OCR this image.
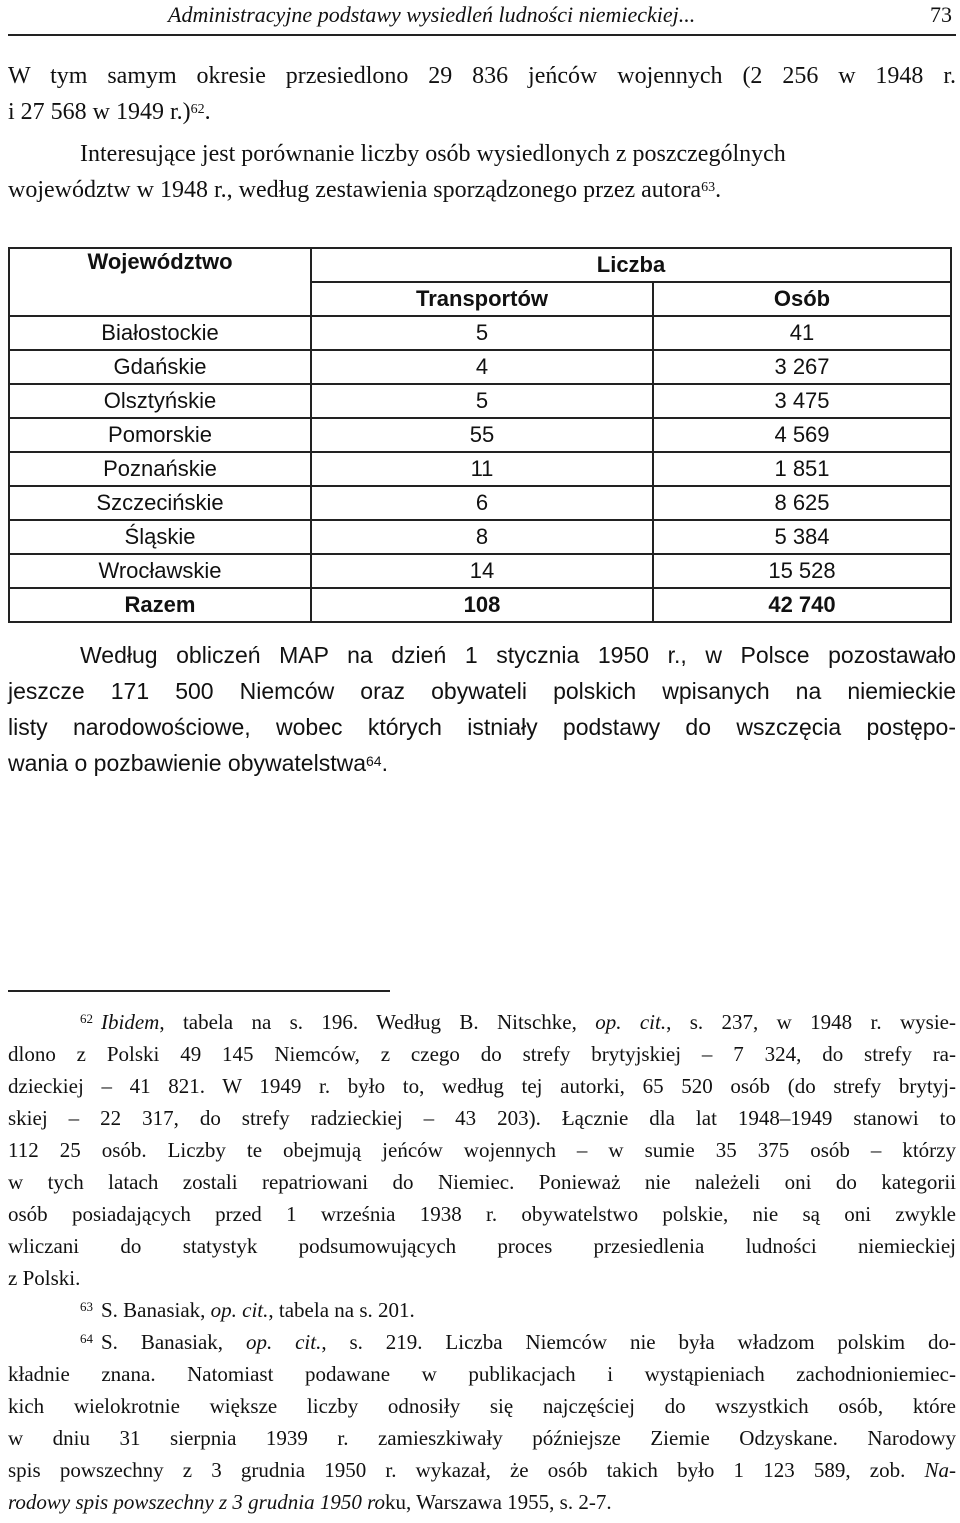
Administracyjne podstawy wysiedleń ludności niemieckiej...	73

W tym samym okresie przesiedlono 29 836 jeńców wojennych (2 256 w 1948 r.
i 27 568 w 1949 r.)$^{62}$.

Interesujące jest porównanie liczby osób wysiedlonych z poszczególnych
województw w 1948 r., według zestawienia sporządzonego przez autora$^{63}$.

Województwo	Liczba	
	Transportów	Osób
Białostockie	5	41
Gdańskie	4	3 267
Olsztyńskie	5	3 475
Pomorskie	55	4 569
Poznańskie	11	1 851
Szczecińskie	6	8 625
Śląskie	8	5 384
Wrocławskie	14	15 528
Razem	108	42 740
Według obliczeń MAP na dzień 1 stycznia 1950 r., w Polsce pozostawało
jeszcze 171 500 Niemców oraz obywateli polskich wpisanych na niemieckie
listy narodowościowe, wobec których istniały podstawy do wszczęcia postępo-
wania o pozbawienie obywatelstwa$^{64}$.
$^{62}$ Ibidem, tabela na s. 196. Według B. Nitschke, op. cit., s. 237, w 1948 r. wysie-
dlono z Polski 49 145 Niemców, z czego do strefy brytyjskiej – 7 324, do strefy ra-
dzieckiej – 41 821. W 1949 r. było to, według tej autorki, 65 520 osób (do strefy brytyj-
skiej – 22 317, do strefy radzieckiej – 43 203). Łącznie dla lat 1948–1949 stanowi to
112 25 osób. Liczby te obejmują jeńców wojennych – w sumie 35 375 osób – którzy
w tych latach zostali repatriowani do Niemiec. Ponieważ nie należeli oni do kategorii
osób posiadających przed 1 września 1938 r. obywatelstwo polskie, nie są oni zwykle
wliczani do statystyk podsumowujących proces przesiedlenia ludności niemieckiej
z Polski.
$^{63}$ S. Banasiak, op. cit., tabela na s. 201.
$^{64}$ S. Banasiak, op. cit., s. 219. Liczba Niemców nie była władzom polskim do-
kładnie znana. Natomiast podawane w publikacjach i wystąpieniach zachodnioniemiec-
kich wielokrotnie większe liczby odnosiły się najczęściej do wszystkich osób, które
w dniu 31 sierpnia 1939 r. zamieszkiwały późniejsze Ziemie Odzyskane. Narodowy
spis powszechny z 3 grudnia 1950 r. wykazał, że osób takich było 1 123 589, zob. Na-
rodowy spis powszechny z 3 grudnia 1950 roku, Warszawa 1955, s. 2-7.
